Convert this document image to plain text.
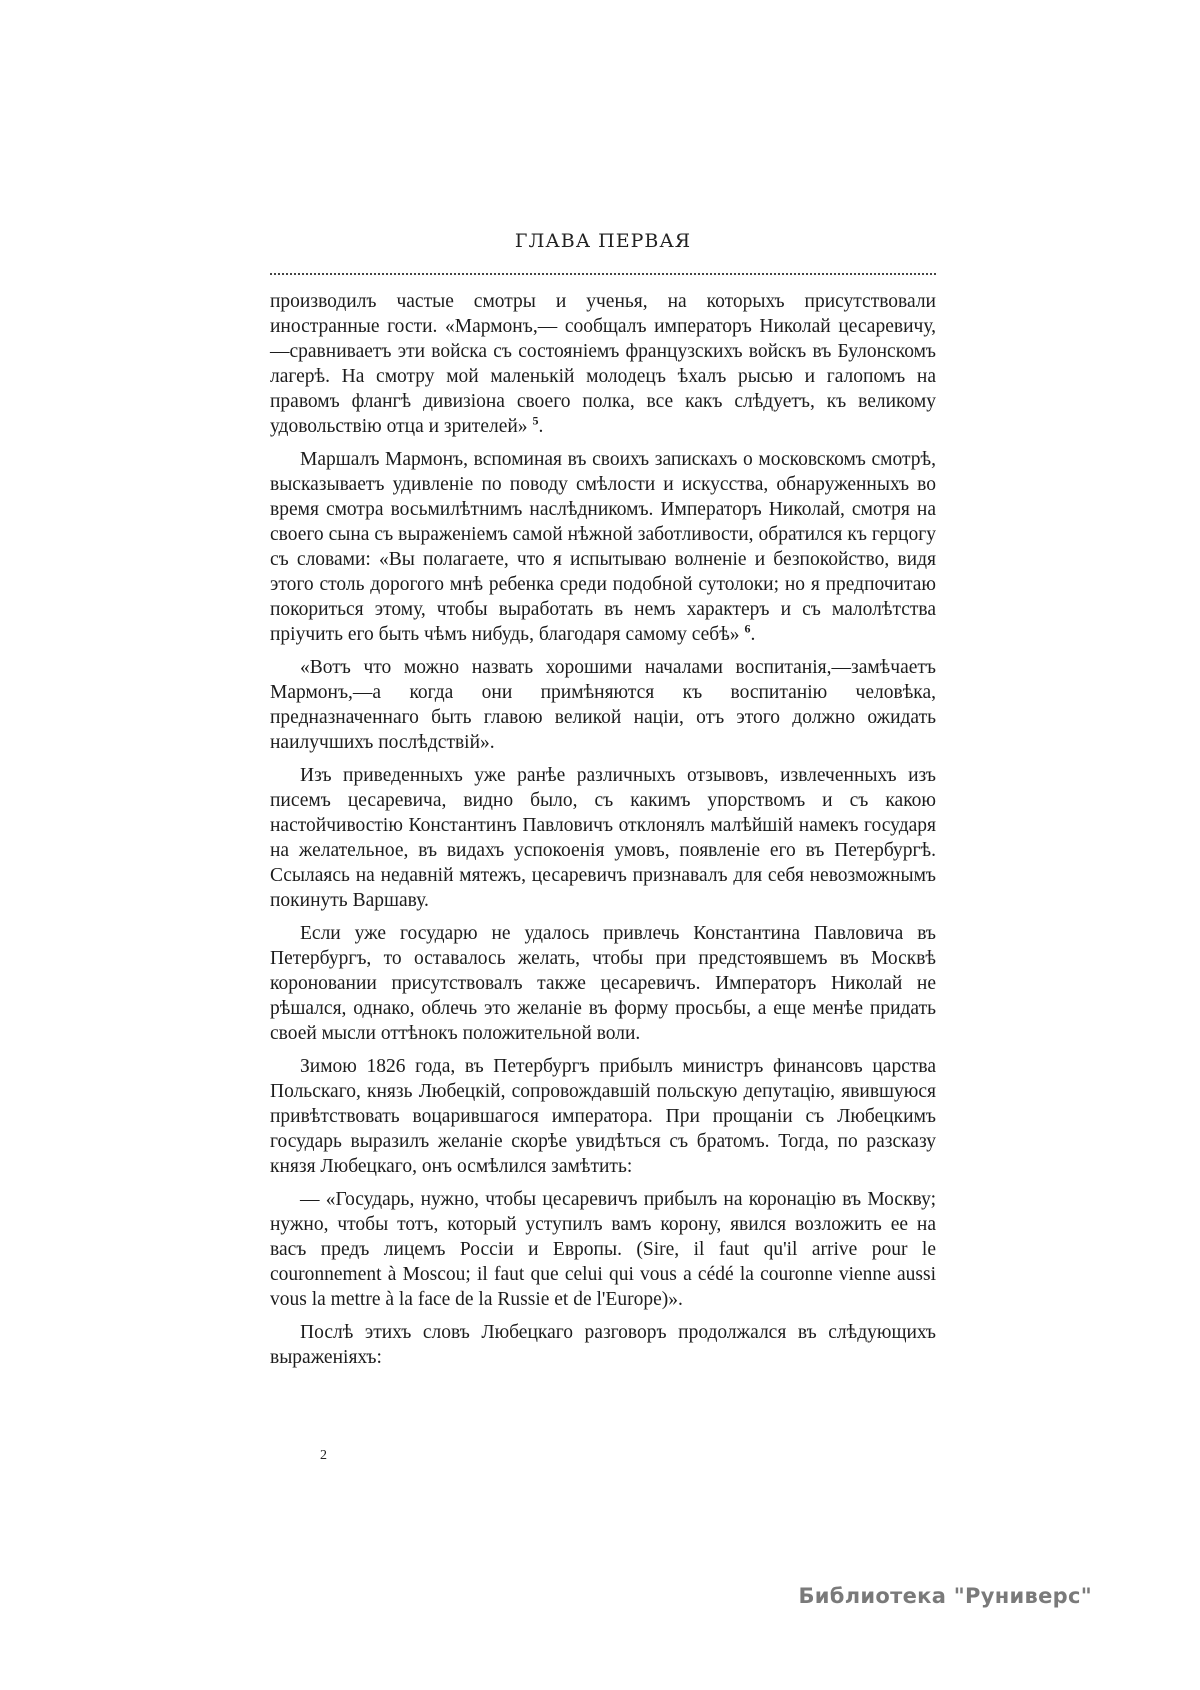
ГЛАВА ПЕРВАЯ

производилъ частые смотры и ученья, на которыхъ присутствовали иностранные гости. «Мармонъ,— сообщалъ императоръ Николай цесаревичу, —сравниваетъ эти войска съ состоянiемъ французскихъ войскъ въ Булонскомъ лагерѣ. На смотру мой маленькiй молодецъ ѣхалъ рысью и галопомъ на правомъ флангѣ дивизiона своего полка, все какъ слѣдуетъ, къ великому удовольствiю отца и зрителей» $^5$.

Маршалъ Мармонъ, вспоминая въ своихъ запискахъ о московскомъ смотрѣ, высказываетъ удивленiе по поводу смѣлости и искусства, обнаруженныхъ во время смотра восьмилѣтнимъ наслѣдникомъ. Императоръ Николай, смотря на своего сына съ выраженiемъ самой нѣжной заботливости, обратился къ герцогу съ словами: «Вы полагаете, что я испытываю волненiе и безпокойство, видя этого столь дорогого мнѣ ребенка среди подобной сутолоки; но я предпочитаю покориться этому, чтобы выработать въ немъ характеръ и съ малолѣтства прiучить его быть чѣмъ нибудь, благодаря самому себѣ» $^6$.

«Вотъ что можно назвать хорошими началами воспитанiя,—замѣчаетъ Мармонъ,—а когда они примѣняются къ воспитанiю человѣка, предназначеннаго быть главою великой нацiи, отъ этого должно ожидать наилучшихъ послѣдствiй».

Изъ приведенныхъ уже ранѣе различныхъ отзывовъ, извлеченныхъ изъ писемъ цесаревича, видно было, съ какимъ упорствомъ и съ какою настойчивостiю Константинъ Павловичъ отклонялъ малѣйшiй намекъ государя на желательное, въ видахъ успокоенiя умовъ, появленiе его въ Петербургѣ. Ссылаясь на недавнiй мятежъ, цесаревичъ признавалъ для себя невозможнымъ покинуть Варшаву.

Если уже государю не удалось привлечь Константина Павловича въ Петербургъ, то оставалось желать, чтобы при предстоявшемъ въ Москвѣ короновании присутствовалъ также цесаревичъ. Императоръ Николай не рѣшался, однако, облечь это желанiе въ форму просьбы, а еще менѣе придать своей мысли оттѣнокъ положительной воли.

Зимою 1826 года, въ Петербургъ прибылъ министръ финансовъ царства Польскаго, князь Любецкiй, сопровождавшiй польскую депутацiю, явившуюся привѣтствовать воцарившагося императора. При прощанiи съ Любецкимъ государь выразилъ желанiе скорѣе увидѣться съ братомъ. Тогда, по разсказу князя Любецкаго, онъ осмѣлился замѣтить:

— «Государь, нужно, чтобы цесаревичъ прибылъ на коронацiю въ Москву; нужно, чтобы тотъ, который уступилъ вамъ корону, явился возложить ее на васъ предъ лицемъ Россiи и Европы. (Sire, il faut qu'il arrive pour le couronnement à Moscou; il faut que celui qui vous a cédé la couronne vienne aussi vous la mettre à la face de la Russie et de l'Europe)».

Послѣ этихъ словъ Любецкаго разговоръ продолжался въ слѣдующихъ выраженiяхъ:

2
Библиотека "Руниверс"
